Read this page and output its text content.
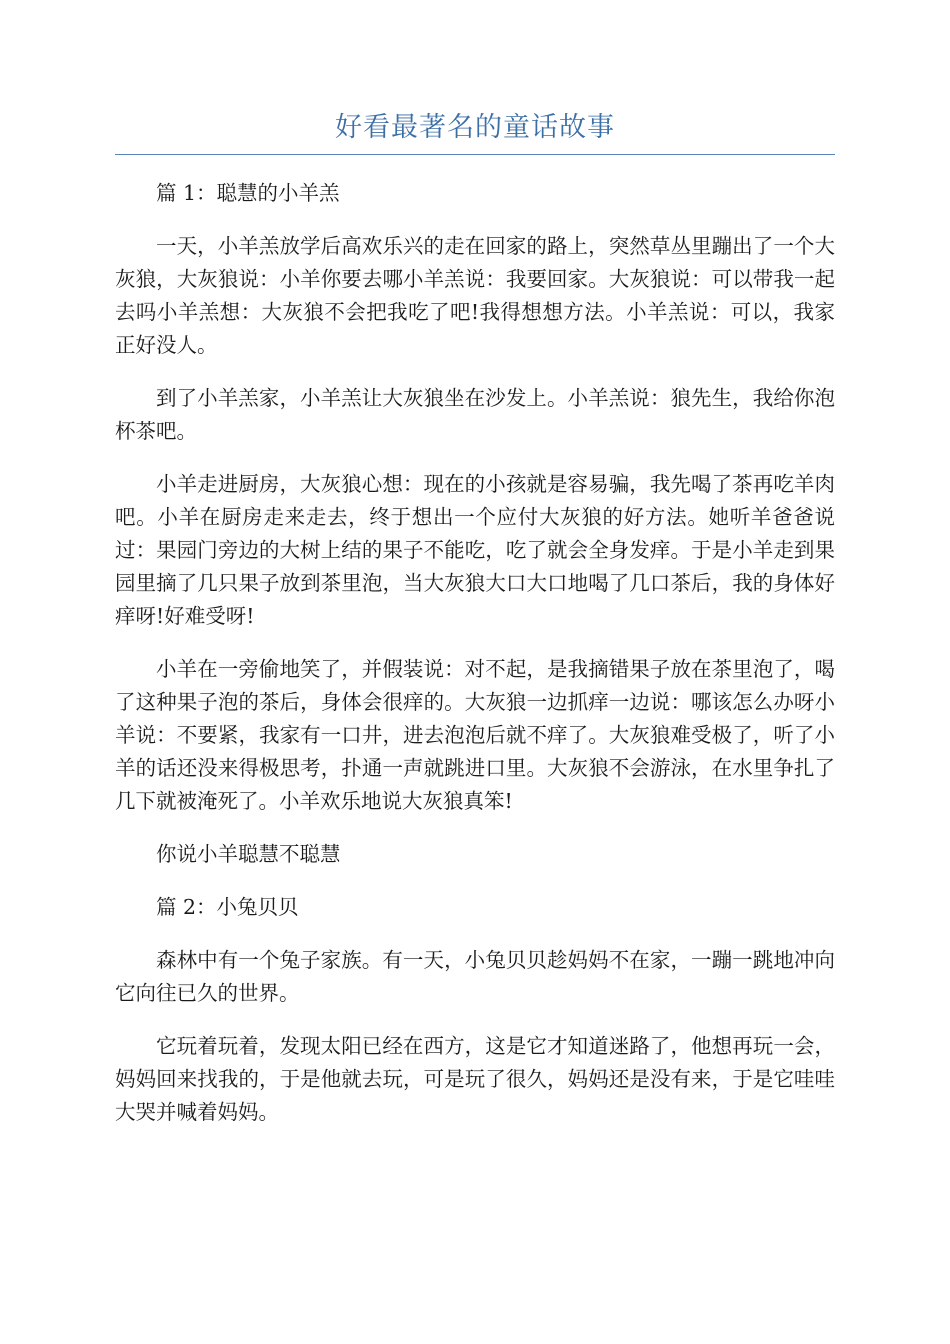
好看最著名的童话故事

篇 1：聪慧的小羊羔

一天，小羊羔放学后高欢乐兴的走在回家的路上，突然草丛里蹦出了一个大灰狼，大灰狼说：小羊你要去哪小羊羔说：我要回家。大灰狼说：可以带我一起去吗小羊羔想：大灰狼不会把我吃了吧!我得想想方法。小羊羔说：可以，我家正好没人。

到了小羊羔家，小羊羔让大灰狼坐在沙发上。小羊羔说：狼先生，我给你泡杯茶吧。

小羊走进厨房，大灰狼心想：现在的小孩就是容易骗，我先喝了茶再吃羊肉吧。小羊在厨房走来走去，终于想出一个应付大灰狼的好方法。她听羊爸爸说过：果园门旁边的大树上结的果子不能吃，吃了就会全身发痒。于是小羊走到果园里摘了几只果子放到茶里泡，当大灰狼大口大口地喝了几口茶后，我的身体好痒呀!好难受呀!

小羊在一旁偷地笑了，并假装说：对不起，是我摘错果子放在茶里泡了，喝了这种果子泡的茶后，身体会很痒的。大灰狼一边抓痒一边说：哪该怎么办呀小羊说：不要紧，我家有一口井，进去泡泡后就不痒了。大灰狼难受极了，听了小羊的话还没来得极思考，扑通一声就跳进口里。大灰狼不会游泳，在水里争扎了几下就被淹死了。小羊欢乐地说大灰狼真笨!

你说小羊聪慧不聪慧

篇 2：小兔贝贝

森林中有一个兔子家族。有一天，小兔贝贝趁妈妈不在家，一蹦一跳地冲向它向往已久的世界。

它玩着玩着，发现太阳已经在西方，这是它才知道迷路了，他想再玩一会，妈妈回来找我的，于是他就去玩，可是玩了很久，妈妈还是没有来，于是它哇哇大哭并喊着妈妈。
